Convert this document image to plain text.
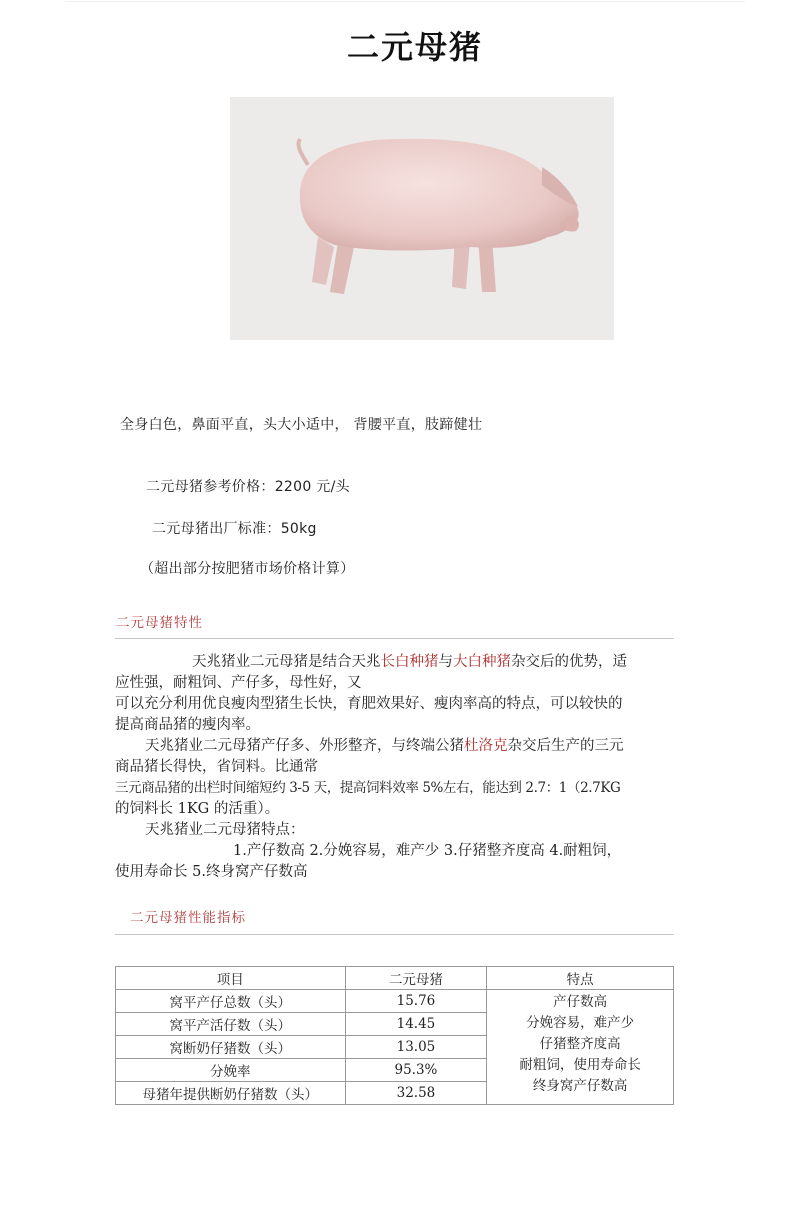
二元母猪
全身白色，鼻面平直，头大小适中， 背腰平直，肢蹄健壮
二元母猪参考价格：2200 元/头
二元母猪出厂标准：50kg
（超出部分按肥猪市场价格计算）
二元母猪特性
天兆猪业二元母猪是结合天兆长白种猪与大白种猪杂交后的优势，适
应性强，耐粗饲、产仔多，母性好，又
可以充分利用优良瘦肉型猪生长快，育肥效果好、瘦肉率高的特点，可以较快的
提高商品猪的瘦肉率。
天兆猪业二元母猪产仔多、外形整齐，与终端公猪杜洛克杂交后生产的三元
商品猪长得快，省饲料。比通常
三元商品猪的出栏时间缩短约 3-5 天，提高饲料效率 5%左右，能达到 2.7：1（2.7KG
的饲料长 1KG 的活重）。
天兆猪业二元母猪特点：
1.产仔数高 2.分娩容易，难产少 3.仔猪整齐度高 4.耐粗饲，
使用寿命长 5.终身窝产仔数高
二元母猪性能指标
项目	二元母猪	特点
窝平产仔总数（头）	15.76	产仔数高
分娩容易，难产少
仔猪整齐度高
耐粗饲，使用寿命长
终身窝产仔数高

窝平产活仔数（头）	14.45	
窝断奶仔猪数（头）	13.05	
分娩率	95.3%	
母猪年提供断奶仔猪数（头）	32.58	
